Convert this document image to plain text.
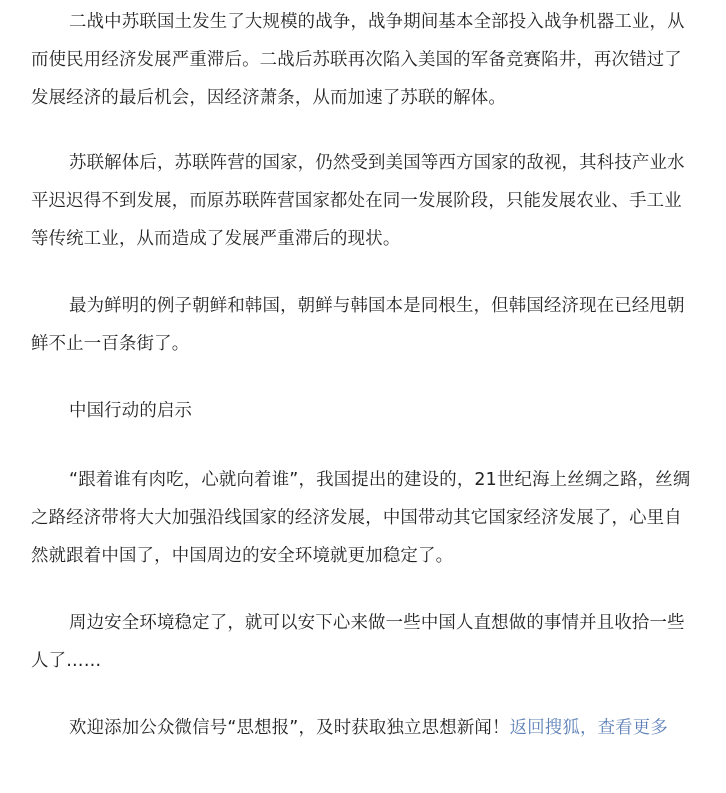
二战中苏联国土发生了大规模的战争，战争期间基本全部投入战争机器工业，从而使民用经济发展严重滞后。二战后苏联再次陷入美国的军备竞赛陷井，再次错过了发展经济的最后机会，因经济萧条，从而加速了苏联的解体。

苏联解体后，苏联阵营的国家，仍然受到美国等西方国家的敌视，其科技产业水平迟迟得不到发展，而原苏联阵营国家都处在同一发展阶段，只能发展农业、手工业等传统工业，从而造成了发展严重滞后的现状。

最为鲜明的例子朝鲜和韩国，朝鲜与韩国本是同根生，但韩国经济现在已经甩朝鲜不止一百条街了。

中国行动的启示

“跟着谁有肉吃，心就向着谁”，我国提出的建设的，21世纪海上丝绸之路，丝绸之路经济带将大大加强沿线国家的经济发展，中国带动其它国家经济发展了，心里自然就跟着中国了，中国周边的安全环境就更加稳定了。

周边安全环境稳定了，就可以安下心来做一些中国人直想做的事情并且收拾一些人了……

欢迎添加公众微信号“思想报”，及时获取独立思想新闻！返回搜狐，查看更多
